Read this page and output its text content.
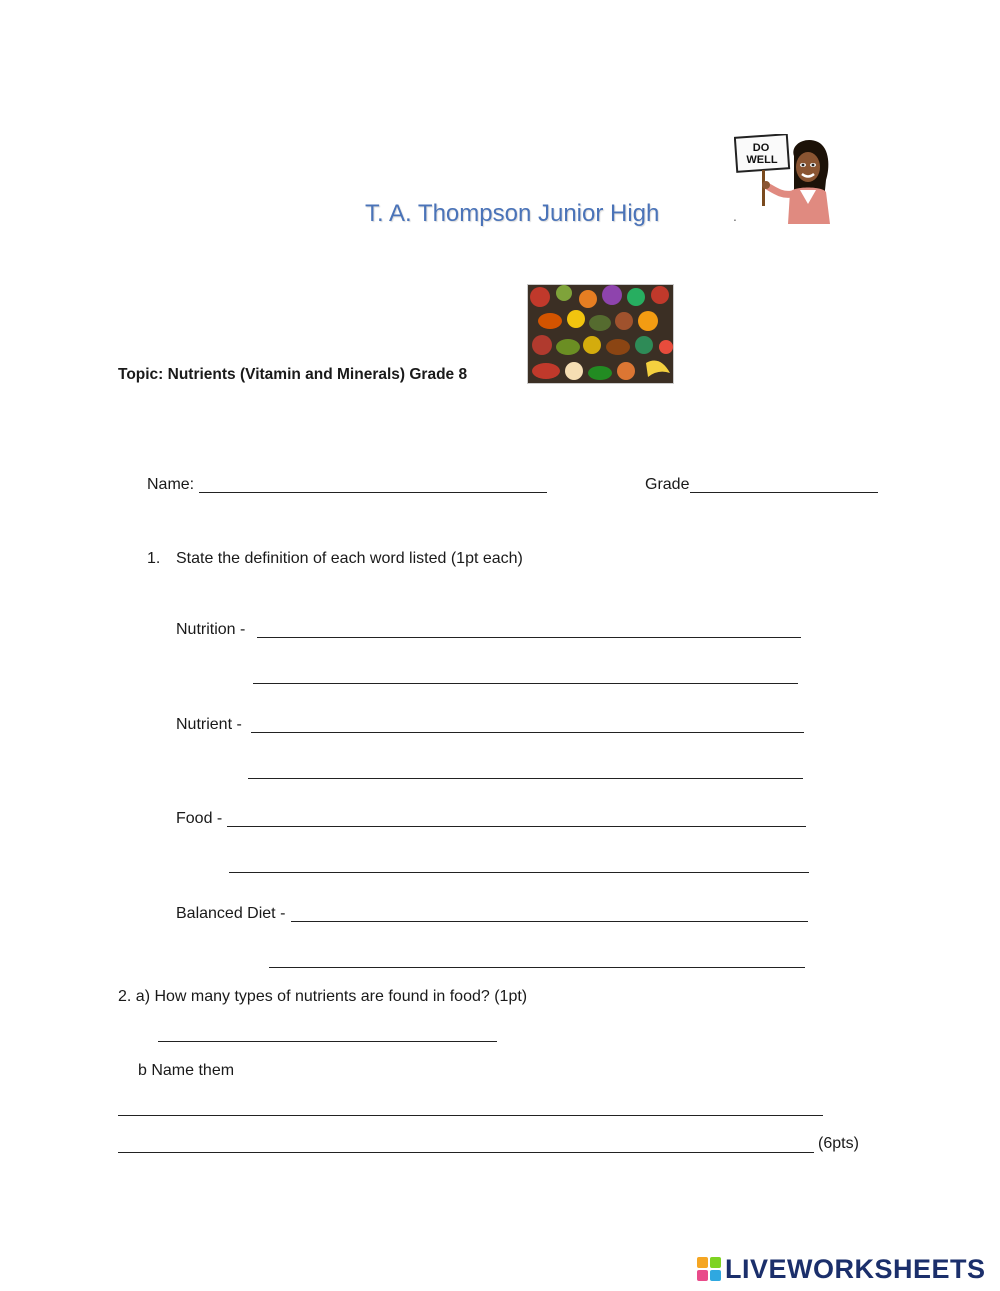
T. A. Thompson Junior High	.
DO
WELL
Topic: Nutrients (Vitamin and Minerals) Grade 8
Name:	Grade
1. State the definition of each word listed (1pt each)
Nutrition -
Nutrient -
Food -
Balanced Diet -
2. a) How many types of nutrients are found in food? (1pt)
b Name them
(6pts)
LIVEWORKSHEETS
